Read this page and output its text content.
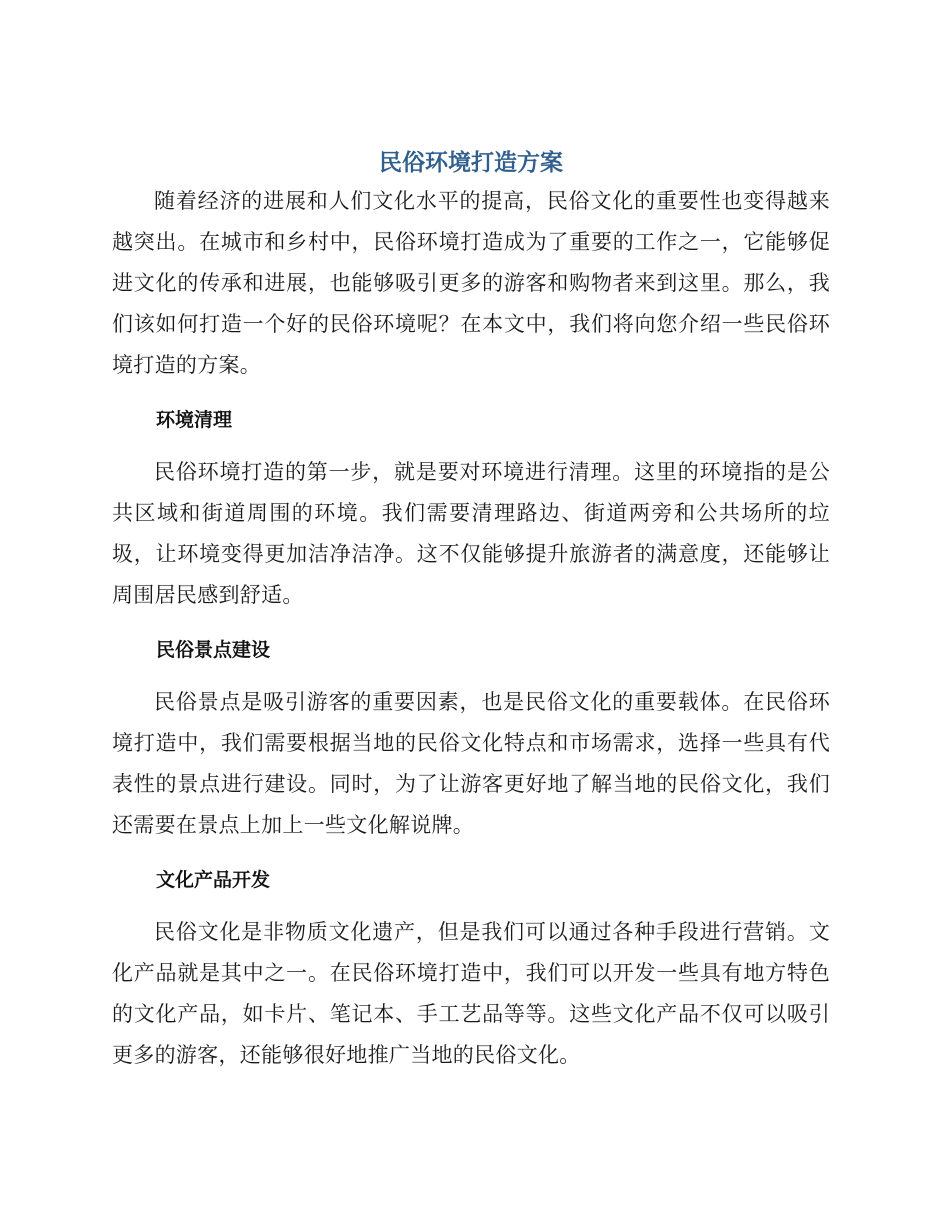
民俗环境打造方案

随着经济的进展和人们文化水平的提高，民俗文化的重要性也变得越来越突出。在城市和乡村中，民俗环境打造成为了重要的工作之一，它能够促进文化的传承和进展，也能够吸引更多的游客和购物者来到这里。那么，我们该如何打造一个好的民俗环境呢？在本文中，我们将向您介绍一些民俗环境打造的方案。

环境清理

民俗环境打造的第一步，就是要对环境进行清理。这里的环境指的是公共区域和街道周围的环境。我们需要清理路边、街道两旁和公共场所的垃圾，让环境变得更加洁净洁净。这不仅能够提升旅游者的满意度，还能够让周围居民感到舒适。

民俗景点建设

民俗景点是吸引游客的重要因素，也是民俗文化的重要载体。在民俗环境打造中，我们需要根据当地的民俗文化特点和市场需求，选择一些具有代表性的景点进行建设。同时，为了让游客更好地了解当地的民俗文化，我们还需要在景点上加上一些文化解说牌。

文化产品开发

民俗文化是非物质文化遗产，但是我们可以通过各种手段进行营销。文化产品就是其中之一。在民俗环境打造中，我们可以开发一些具有地方特色的文化产品，如卡片、笔记本、手工艺品等等。这些文化产品不仅可以吸引更多的游客，还能够很好地推广当地的民俗文化。
